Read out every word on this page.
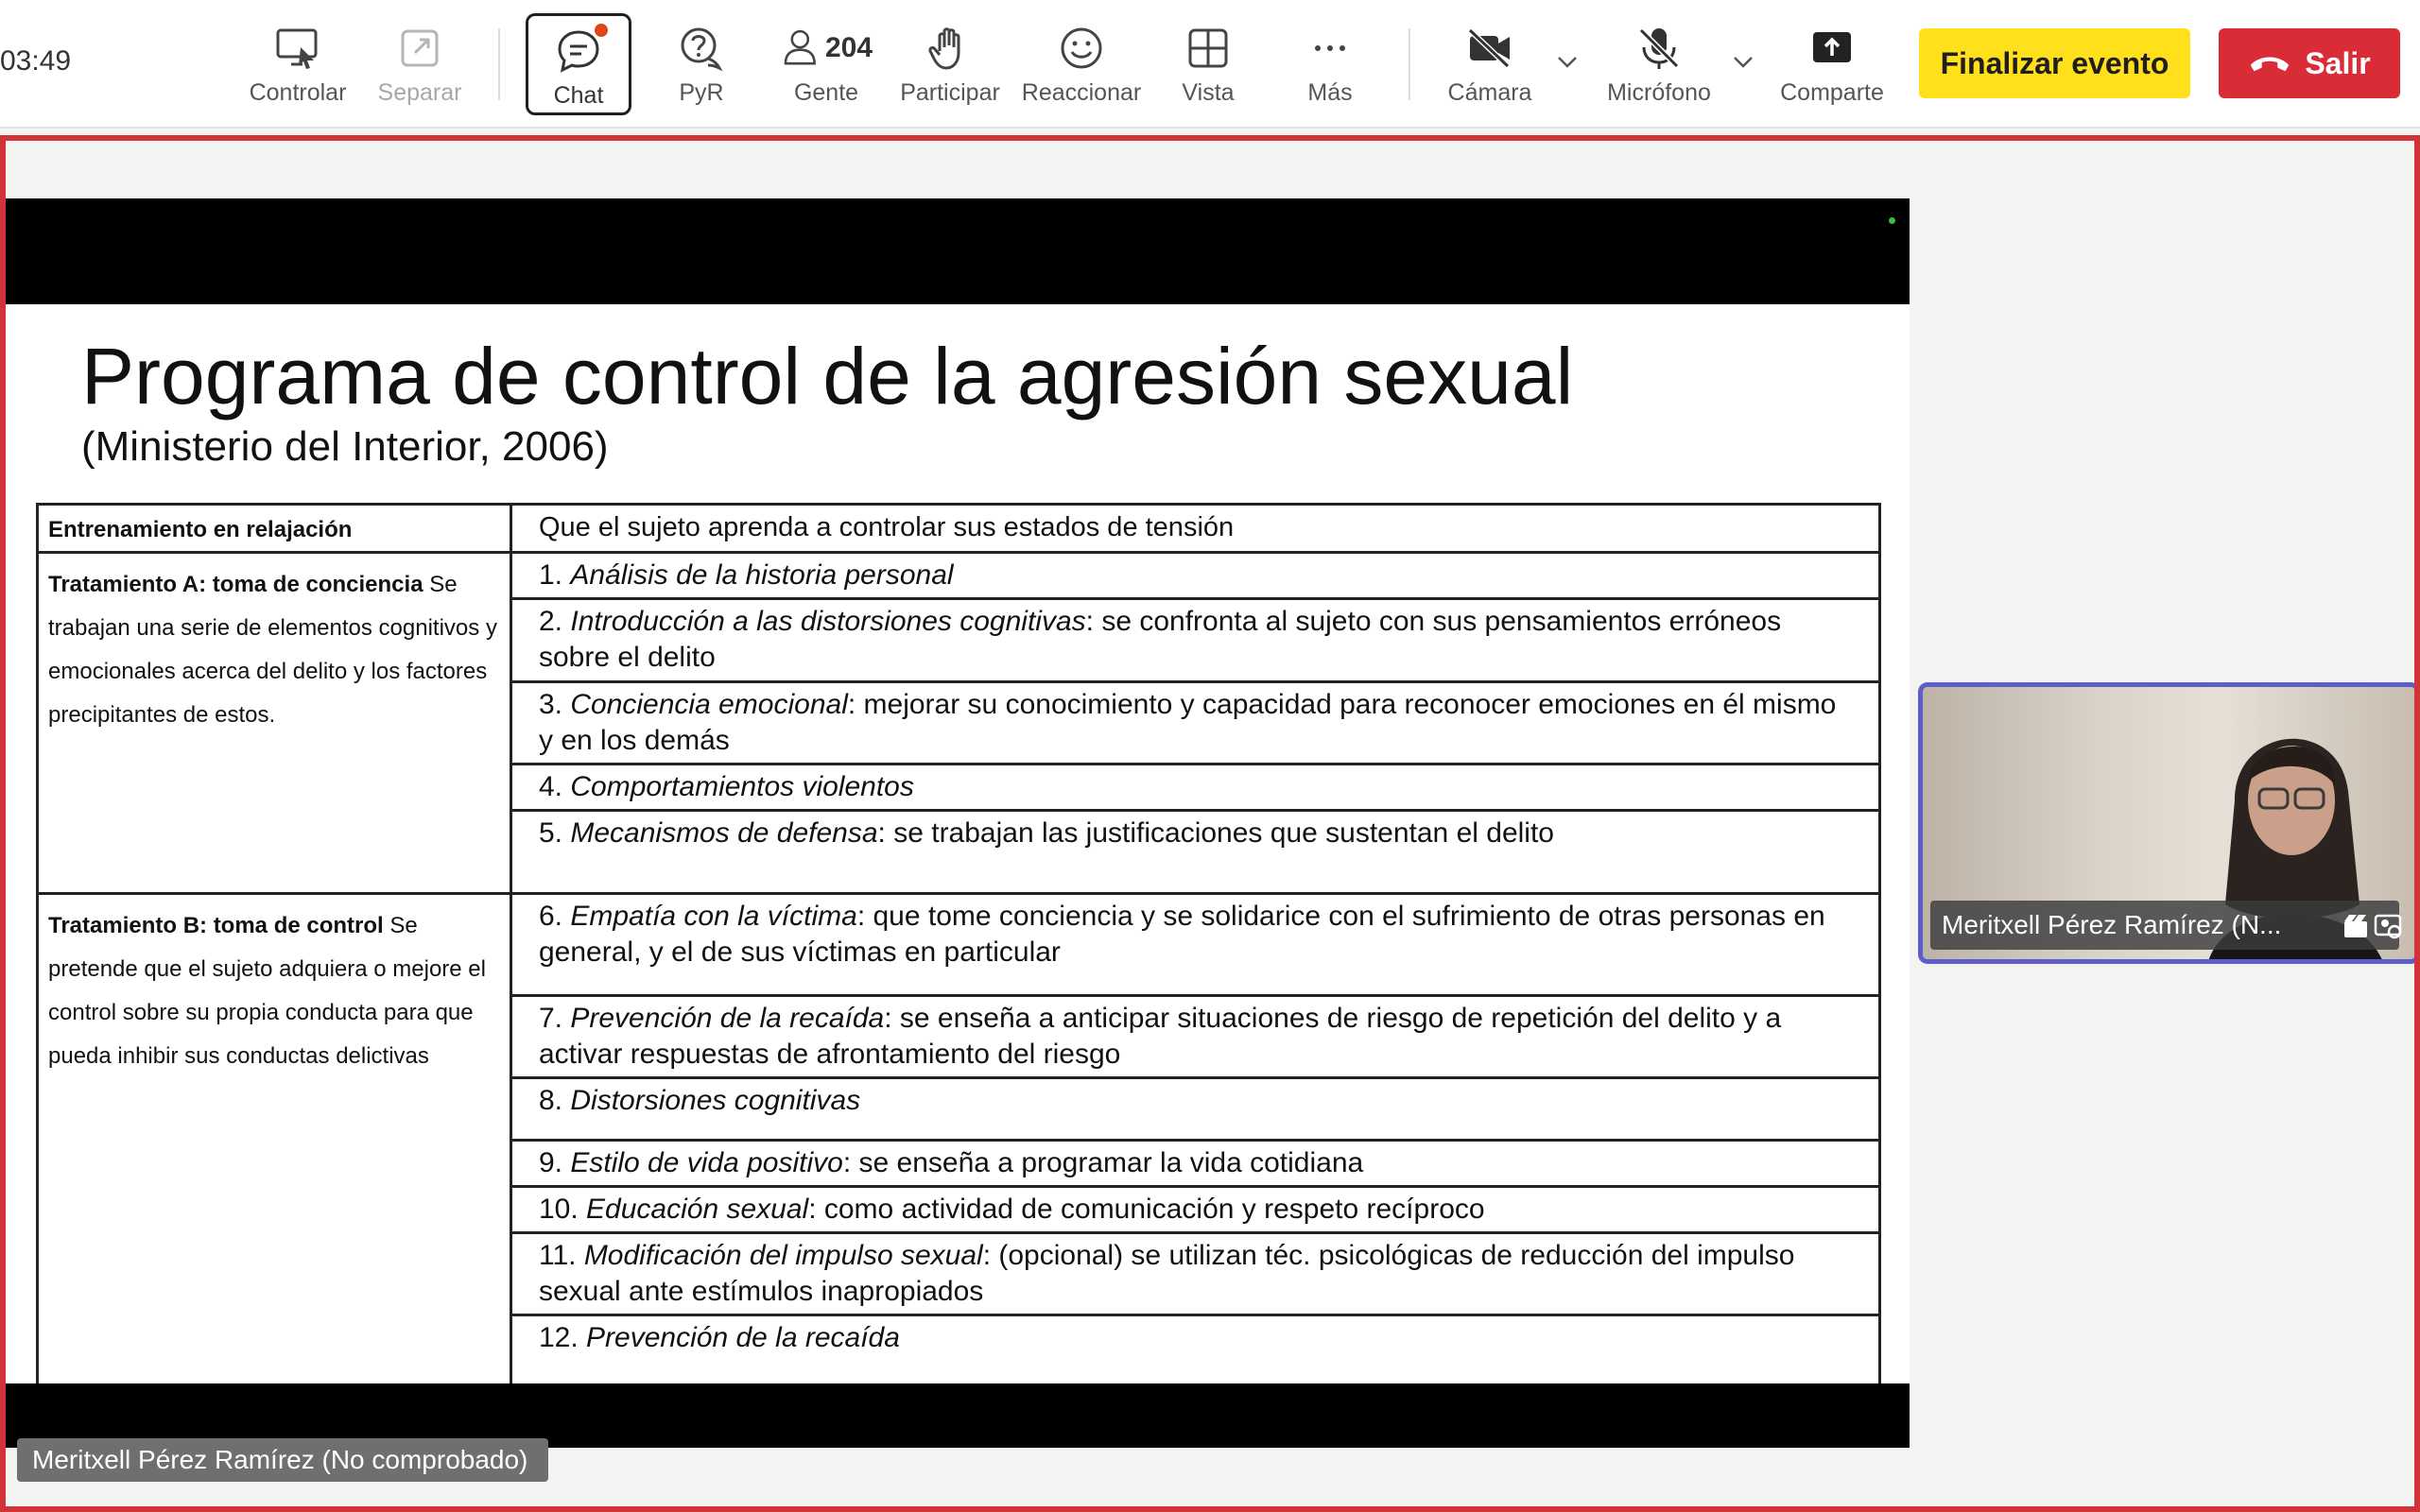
03:49
Controlar Separar	Chat	PyR
204
Gente Participar Reaccionar Vista	Más	Cámara	Micrófono	Comparte
Finalizar evento	Salir
Programa de control de la agresión sexual
(Ministerio del Interior, 2006)
Entrenamiento en relajación	Que el sujeto aprenda a controlar sus estados de tensión
Tratamiento A: toma de conciencia Se trabajan una serie de elementos cognitivos y emocionales acerca del delito y los factores precipitantes de estos.	1. Análisis de la historia personal
	2. Introducción a las distorsiones cognitivas: se confronta al sujeto con sus pensamientos erróneos sobre el delito
	3. Conciencia emocional: mejorar su conocimiento y capacidad para reconocer emociones en él mismo y en los demás
	4. Comportamientos violentos
	5. Mecanismos de defensa: se trabajan las justificaciones que sustentan el delito
Tratamiento B: toma de control Se pretende que el sujeto adquiera o mejore el control sobre su propia conducta para que pueda inhibir sus conductas delictivas	6. Empatía con la víctima: que tome conciencia y se solidarice con el sufrimiento de otras personas en general, y el de sus víctimas en particular
	7. Prevención de la recaída: se enseña a anticipar situaciones de riesgo de repetición del delito y a activar respuestas de afrontamiento del riesgo
	8. Distorsiones cognitivas
	9. Estilo de vida positivo: se enseña a programar la vida cotidiana
	10. Educación sexual: como actividad de comunicación y respeto recíproco
	11. Modificación del impulso sexual: (opcional) se utilizan téc. psicológicas de reducción del impulso sexual ante estímulos inapropiados
	12. Prevención de la recaída
Meritxell Pérez Ramírez (No comprobado)
Meritxell Pérez Ramírez (N...
